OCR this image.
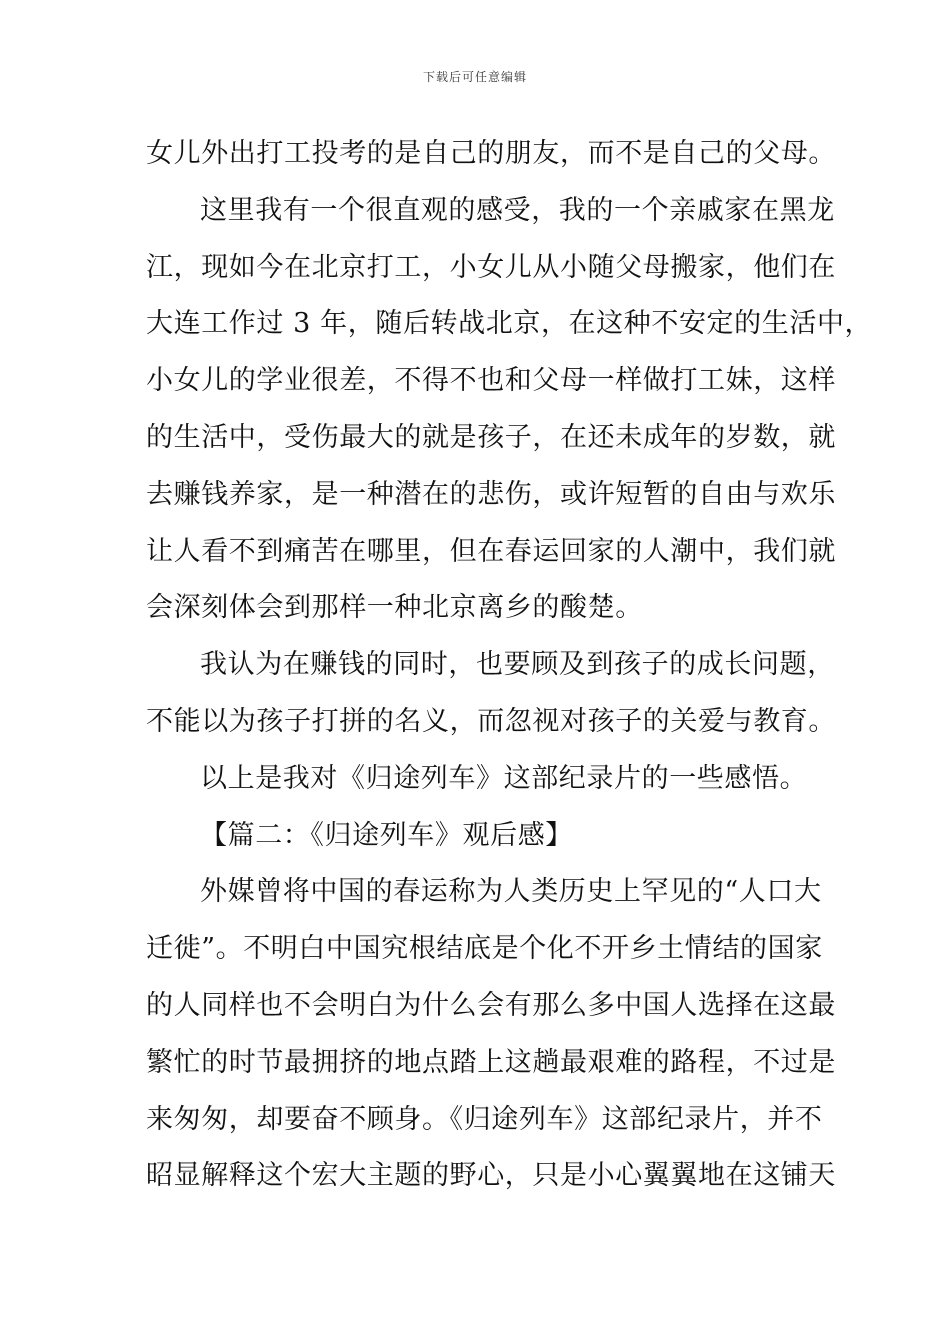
下载后可任意编辑
女儿外出打工投考的是自己的朋友，而不是自己的父母。
这里我有一个很直观的感受，我的一个亲戚家在黑龙
江，现如今在北京打工，小女儿从小随父母搬家，他们在
大连工作过 3 年，随后转战北京，在这种不安定的生活中，
小女儿的学业很差，不得不也和父母一样做打工妹，这样
的生活中，受伤最大的就是孩子，在还未成年的岁数，就
去赚钱养家，是一种潜在的悲伤，或许短暂的自由与欢乐
让人看不到痛苦在哪里，但在春运回家的人潮中，我们就
会深刻体会到那样一种北京离乡的酸楚。
我认为在赚钱的同时，也要顾及到孩子的成长问题，
不能以为孩子打拼的名义，而忽视对孩子的关爱与教育。
以上是我对《归途列车》这部纪录片的一些感悟。
【篇二：《归途列车》观后感】
外媒曾将中国的春运称为人类历史上罕见的“人口大
迁徙”。不明白中国究根结底是个化不开乡土情结的国家
的人同样也不会明白为什么会有那么多中国人选择在这最
繁忙的时节最拥挤的地点踏上这趟最艰难的路程，不过是
来匆匆，却要奋不顾身。《归途列车》这部纪录片，并不
昭显解释这个宏大主题的野心，只是小心翼翼地在这铺天
